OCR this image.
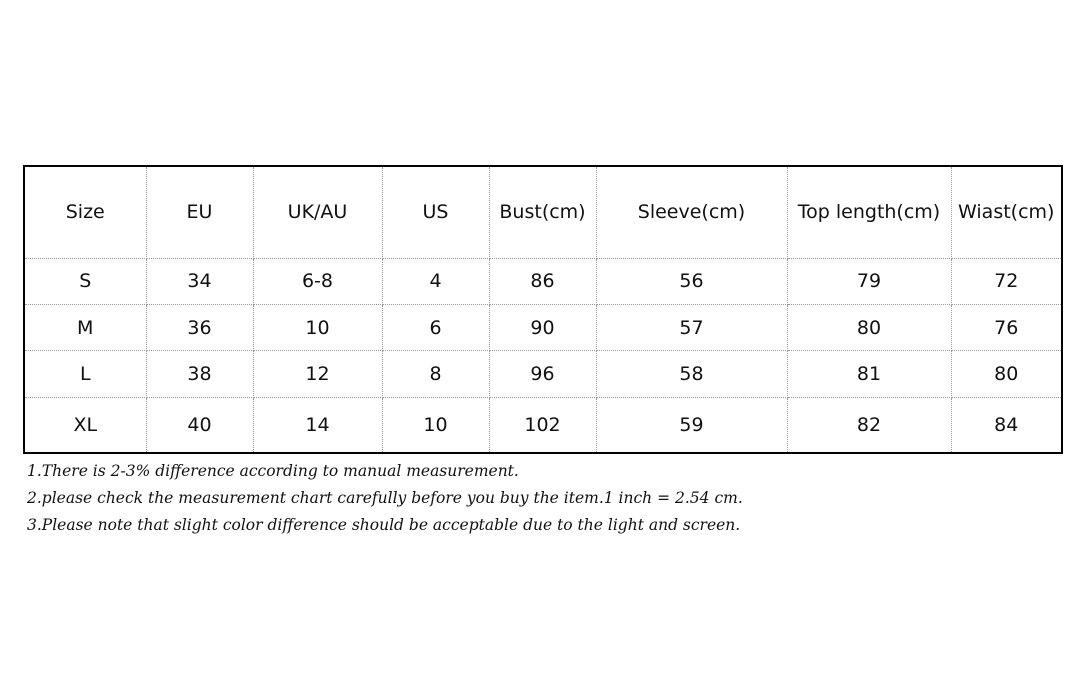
Size	EU	UK/AU	US	Bust(cm)	Sleeve(cm)	Top length(cm)	Wiast(cm)
S	34	6-8	4	86	56	79	72
M	36	10	6	90	57	80	76
L	38	12	8	96	58	81	80
XL	40	14	10	102	59	82	84
1.There is 2-3% difference according to manual measurement.
2.please check the measurement chart carefully before you buy the item.1 inch = 2.54 cm.
3.Please note that slight color difference should be acceptable due to the light and screen.
